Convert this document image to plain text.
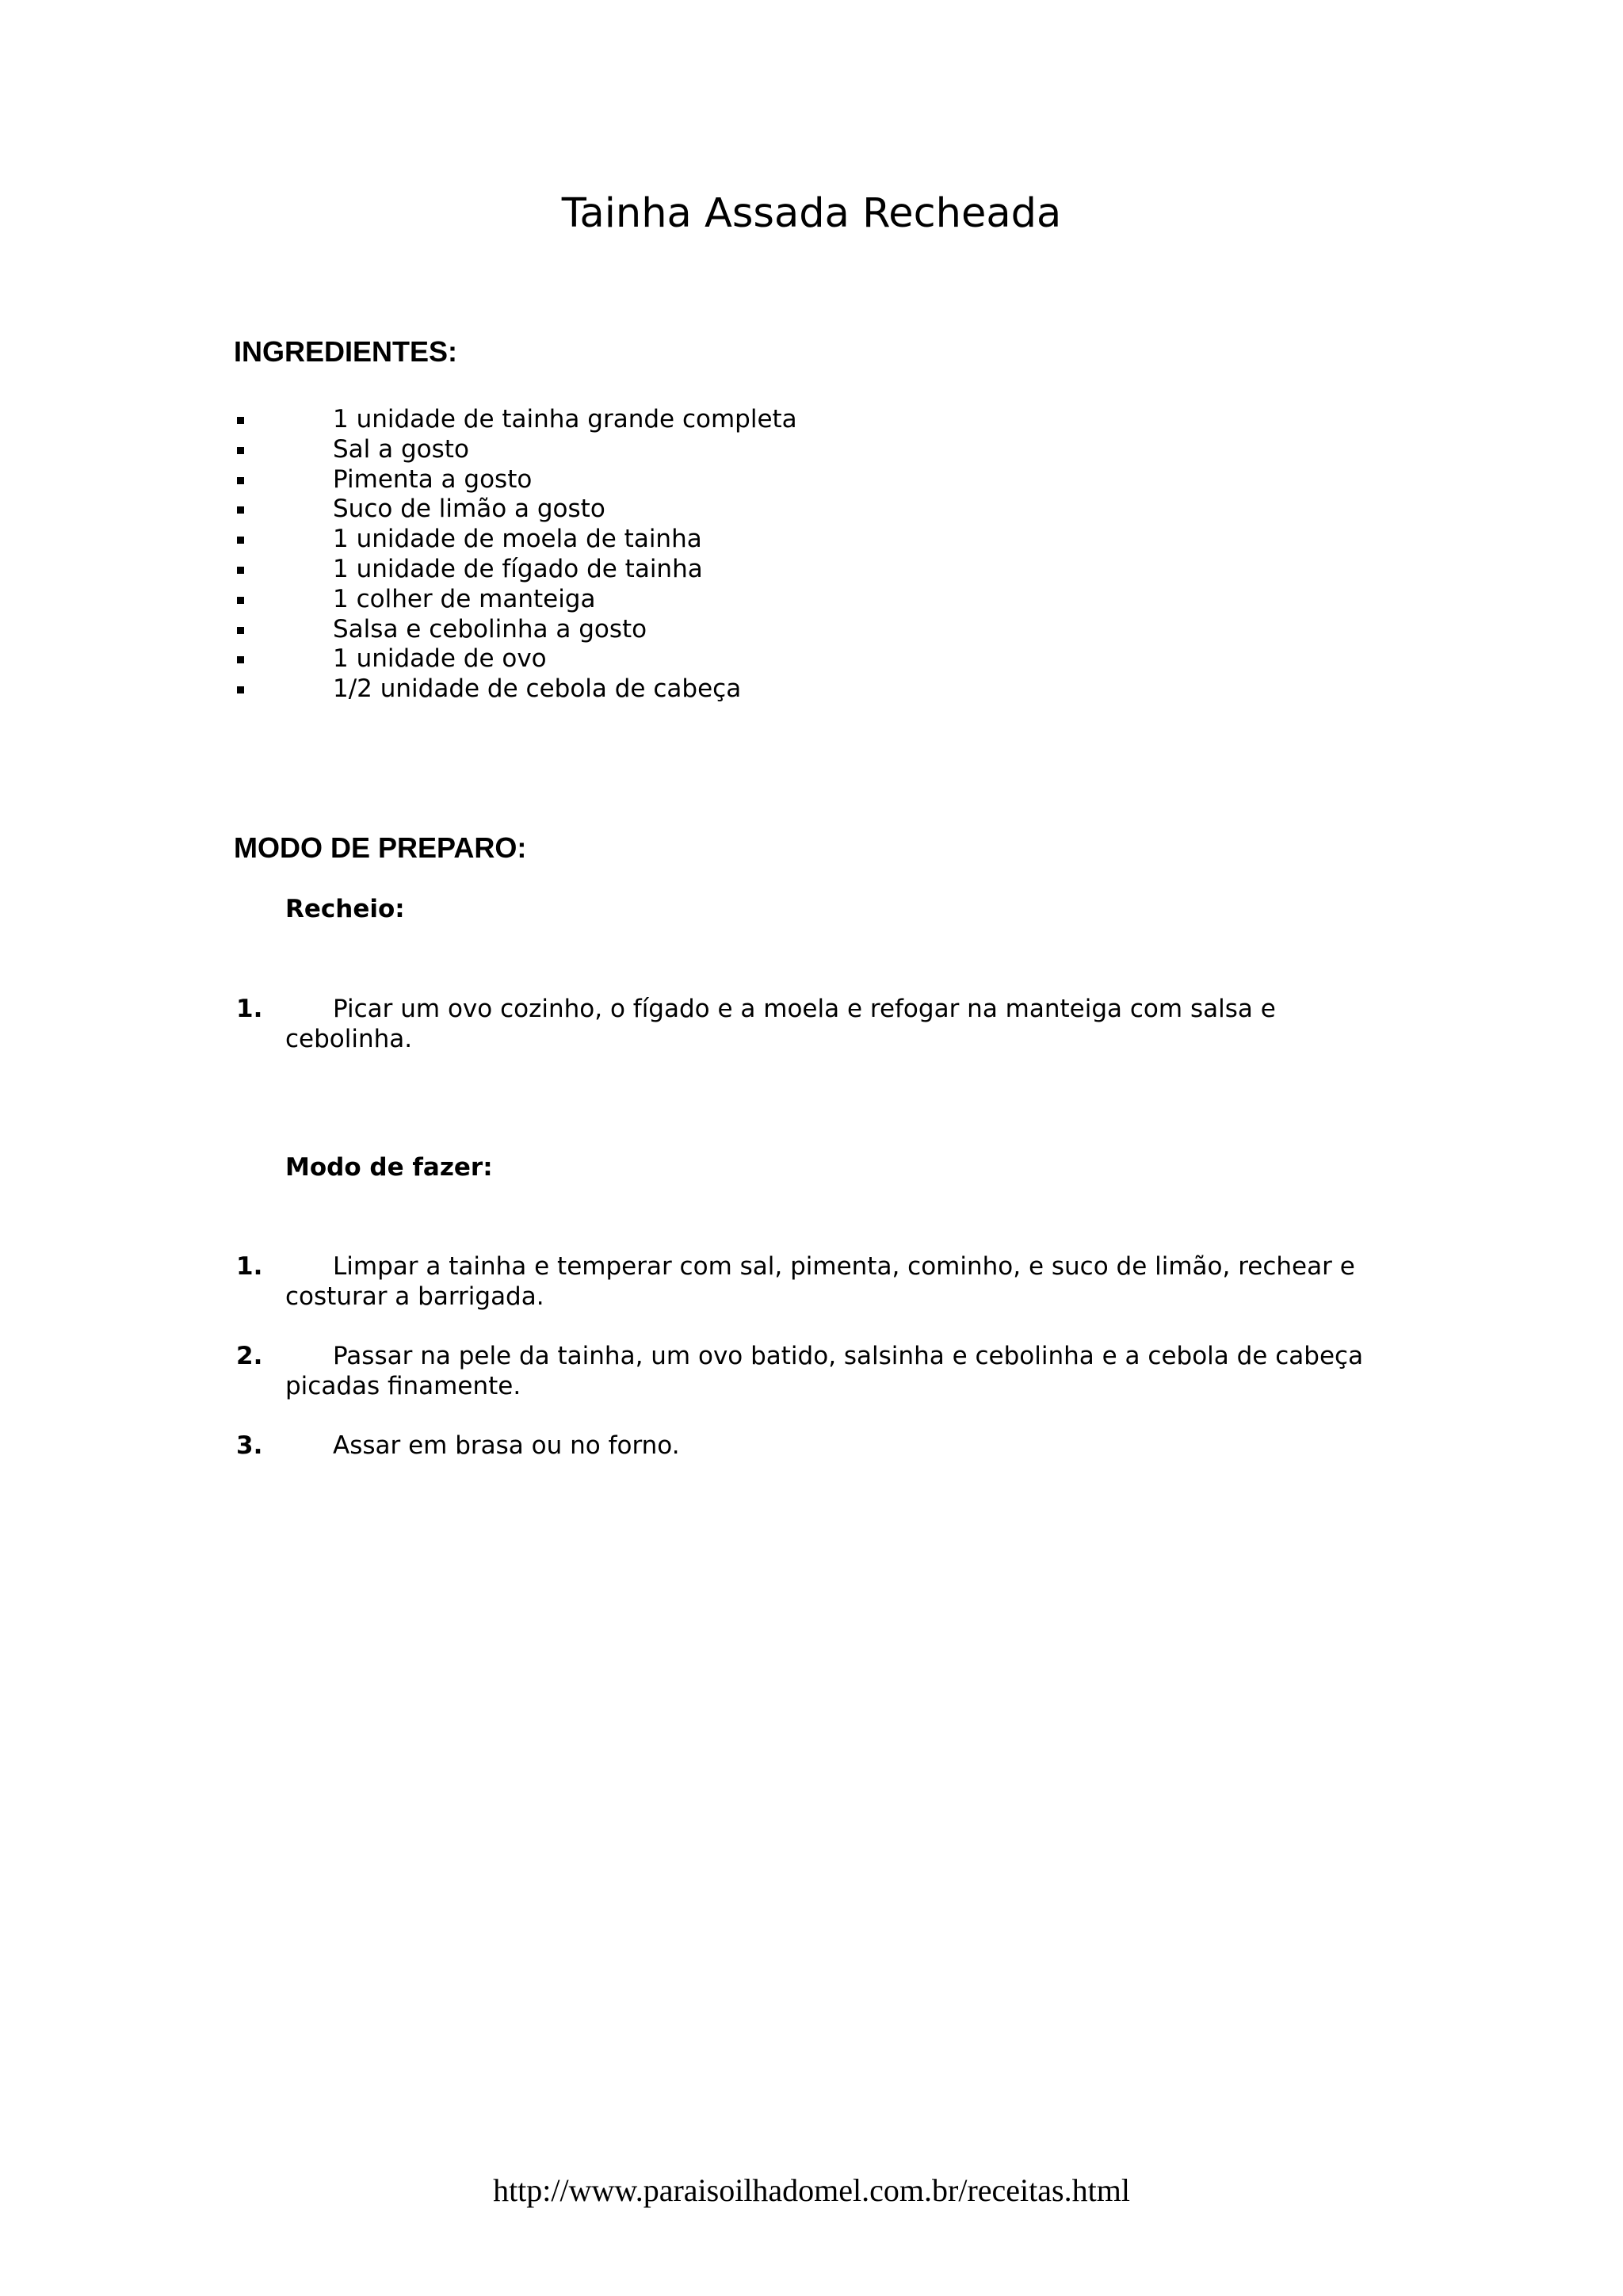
Tainha Assada Recheada
INGREDIENTES:
1 unidade de tainha grande completa
Sal a gosto
Pimenta a gosto
Suco de limão a gosto
1 unidade de moela de tainha
1 unidade de fígado de tainha
1 colher de manteiga
Salsa e cebolinha a gosto
1 unidade de ovo
1/2 unidade de cebola de cabeça
MODO DE PREPARO:
Recheio:
1.	Picar um ovo cozinho, o fígado e a moela e refogar na manteiga com salsa e cebolinha.

Modo de fazer:
1.	Limpar a tainha e temperar com sal, pimenta, cominho, e suco de limão, rechear e costurar a barrigada.

2.	Passar na pele da tainha, um ovo batido, salsinha e cebolinha e a cebola de cabeça picadas finamente.

3.	Assar em brasa ou no forno.

http://www.paraisoilhadomel.com.br/receitas.html
